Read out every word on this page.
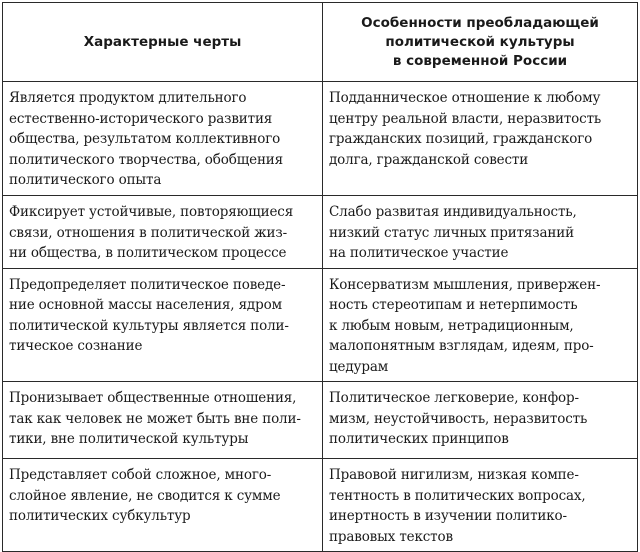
Характерные черты	Особенности преобладающей
политической культуры
в современной России

Является продуктом длительного
естественно-исторического развития
общества, результатом коллективного
политического творчества, обобщения
политического опыта	Подданническое отношение к любому
центру реальной власти, неразвитость
гражданских позиций, гражданского
долга, гражданской совести

Фиксирует устойчивые, повторяющиеся
связи, отношения в политической жиз-
ни общества, в политическом процессе	Слабо развитая индивидуальность,
низкий статус личных притязаний
на политическое участие

Предопределяет политическое поведе-
ние основной массы населения, ядром
политической культуры является поли-
тическое сознание	Консерватизм мышления, привержен-
ность стереотипам и нетерпимость
к любым новым, нетрадиционным,
малопонятным взглядам, идеям, про-
цедурам

Пронизывает общественные отношения,
так как человек не может быть вне поли-
тики, вне политической культуры	Политическое легковерие, конфор-
мизм, неустойчивость, неразвитость
политических принципов

Представляет собой сложное, много-
слойное явление, не сводится к сумме
политических субкультур	Правовой нигилизм, низкая компе-
тентность в политических вопросах,
инертность в изучении политико-
правовых текстов
